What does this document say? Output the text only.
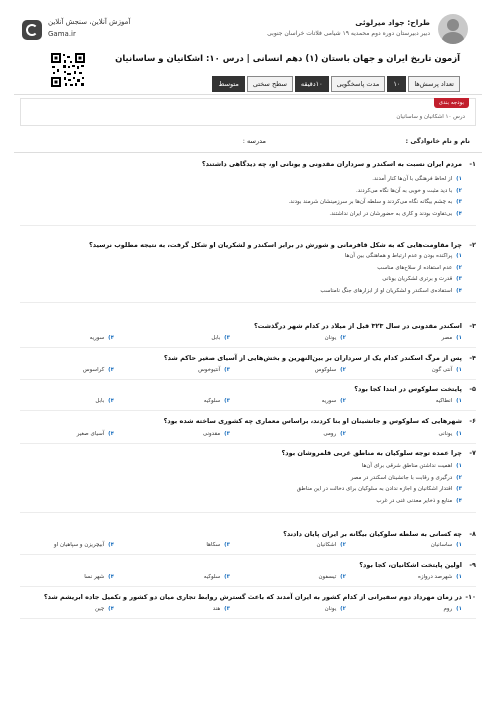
آموزش آنلاین، سنجش آنلاین
Gama.ir
طراح: جواد میرلوئی
دبیر دبیرستان دوره دوم محمدیه ۱۹ شیامی فلاتات خراسان جنوبی
آزمون تاریخ ایران و جهان باستان (۱) دهم انسانی | درس ۱۰: اشکانیان و ساسانیان
تعداد پرسش‌ها
۱۰
مدت پاسخگویی
۱۰دقیقه
سطح سختی
متوسط
بودجه بندی
درس ۱۰ اشکانیان و ساسانیان
نام و نام خانوادگی :
مدرسه :
۱-
مردم ایران نسبت به اسکندر و سرداران مقدونی و یونانی او، چه دیدگاهی داشتند؟
۱) از لحاظ فرهنگی با آن‌ها کنار آمدند.
۲) با دید مثبت و خوبی به آن‌ها نگاه می‌کردند.
۳) به چشم بیگانه نگاه می‌کردند و سلطه آن‌ها بر سرزمینشان شرمند بودند.
۴) بی‌تفاوت بودند و کاری به حضورشان در ایران نداشتند.
۲-
چرا مقاومت‌هایی که به شکل قافرمانی و شورش در برابر اسکندر و لشکریان او شکل گرفت، به نتیجه مطلوب نرسید؟
۱) پراکنده بودن و عدم ارتباط و هماهنگی بین آن‌ها
۲) عدم استفاده از سلاح‌های مناسب
۳) قدرت و برتری لشکریان یونانی
۴) استفاده‌ی اسکندر و لشکریان او از ابزارهای جنگ نامناسب
۳-
اسکندر مقدونی در سال ۳۲۳ قبل از میلاد در کدام شهر درگذشت؟
۱) مصر
۲) یونان
۳) بابل
۴) سوریه
۴-
پس از مرگ اسکندر کدام یک از سرداران بر بین‌النهرین و بخش‌هایی از آسیای صغیر حاکم شد؟
۱) آنتی گون
۲) سلوکوس
۳) آنتیوخوس
۴) کراسوس
۵-
پایتخت سلوکوس در ابتدا کجا بود؟
۱) انطاکیه
۲) سوریه
۳) سلوکیه
۴) بابل
۶-
شهرهایی که سلوکوس و جانشینان او بنا کردند، براساس معماری چه کشوری ساخته شده بود؟
۱) یونانی
۲) رومی
۳) مقدونی
۴) آسیای صغیر
۷-
چرا عمده توجه سلوکیان به مناطق غربی قلمروشان بود؟
۱) اهمیت نداشتن مناطق شرقی برای آن‌ها
۲) درگیری و رقابت با جانشینان اسکندر در مصر
۳) اقتدار اشکانیان و اجازه ندادن به سلوکیان برای دخالت در این مناطق
۴) منابع و ذخایر معدنی غنی در غرب
۸-
چه کسانی به سلطه سلوکیان بیگانه بر ایران پایان دادند؟
۱) ساسانیان
۲) اشکانیان
۳) سکاها
۴) آبیچریزن و سپاهیان او
۹-
اولین پایتخت اشکانیان، کجا بود؟
۱) شهرصد دروازه
۲) تیسفون
۳) سلوکیه
۴) شهر نسا
۱۰-
در زمان مهرداد دوم سفیرانی از کدام کشور به ایران آمدند که باعث گسترش روابط تجاری میان دو کشور و تکمیل جاده ابریشم شد؟
۱) روم
۲) یونان
۳) هند
۴) چین
